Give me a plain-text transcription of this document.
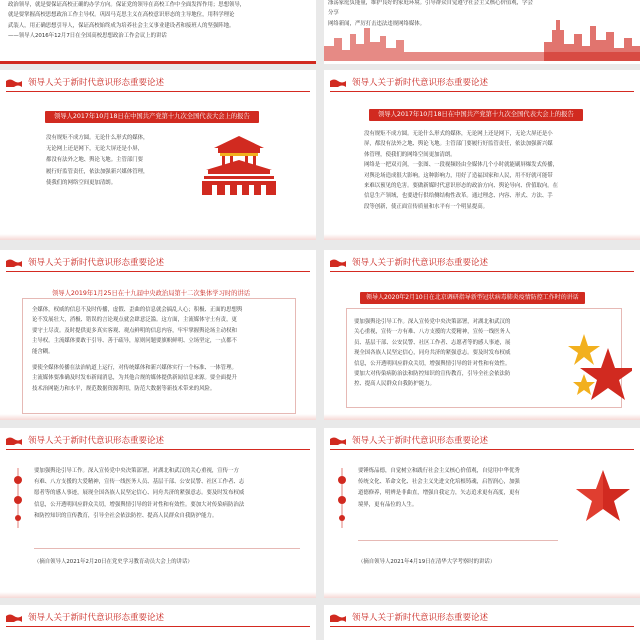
政治领导，就是要保证高校正确的办学方向。保证党的领导在高校工作中全面发挥作用；思想领导，
就是要掌握高校思想政治工作主导权。巩固马克思主义在高校意识形态的主导地位，用科学理论
武装人，用正确思想引导人，保证高校始终成为培养社会主义事业建设者和接班人的坚强阵地。
——领导人2016年12月7日在全国高校思想政治工作会议上的讲话
涤荡家庭负能量，维护良好的家庭环境。引导群众自觉遵守社会主义核心价值观，学会分享
网络新闻，严厉打击违法违规网络媒体。
领导人关于新时代意识形态重要论述
领导人2017年10月18日在中国共产党第十九次全国代表大会上的报告
没有规矩不成方圆。无论什么形式的媒体，
无论网上还是网下，无论大屏还是小屏，
都没有法外之地、舆论飞地。主管部门要
履行好监管责任，依法加强新兴媒体管理，
使我们的网络空间更加清朗。
领导人关于新时代意识形态重要论述
领导人2017年10月18日在中国共产党第十九次全国代表大会上的报告
没有规矩不成方圆。无论什么形式的媒体，无论网上还是网下，无论大屏还是小
屏，都没有法外之地、舆论飞地。主管部门要履行好监管责任，依法加强新兴媒
体管理，使我们的网络空间更加清朗。
网络是一把双刃剑，一张图、一段视频经由全媒体几个小时就能刷屏爆发式传播，
对舆论场造成很大影响。这种影响力，用好了造福国家和人民，用不好就可能带
来难以预见的危害。要做新媒时代意识形态的政治方向、舆论导向、价值取向。在
信息生产领域，也要进行供给侧结构性改革。通过理念、内容、形式、方法、手
段等创新，使正面宣传质量和水平有一个明显提高。
领导人关于新时代意识形态重要论述
领导人2019年1月25日在十九届中央政治局第十二次集体学习时的讲话
全媒体，权威的信息不及时传播，虚假、歪曲的信息就会搞乱人心；积极、正面的思想舆
论不发展壮大，消极、错误的言论观点就会肆意泛滥。这方面，主流媒体守土有责，更
要守土尽责。及时提供更多真实客观、观点鲜明的信息内容，牢牢掌握舆论场主动权和
主导权。主流媒体要敢于引导、善于疏导，原则问题要旗帜鲜明、立场坚定，一点都不
能含糊。
要使全媒体传播在法治轨道上运行，对传统媒体和新兴媒体实行一个标准、一体管理。
主流媒体要准确及时发布新闻消息，为其他合规的媒体提供新闻信息来源。要全面提升
技术治网能力和水平，规范数据资源利用，防范大数据等新技术带来的风险。
领导人关于新时代意识形态重要论述
领导人2020年2月10日在北京调研指导新型冠状病毒肺炎疫情防控工作时的讲话
要加强舆论引导工作。深入宣传党中央决策部署，对湖北和武汉的
关心重视，宣传一方有难、八方支援的大爱精神，宣传一线医务人
员、基层干部、公安民警、社区工作者、志愿者等的感人事迹，展
现全国各族人民坚定信心，同舟共济的紧强意志。要及时发布权威
信息，公开透明回应群众关切，增强舆情引导的针对性和有效性。
要加大对传染病防治法和防控知识的宣传教育，引导全社会依法防
控、提高人民群众自我防护能力。
领导人关于新时代意识形态重要论述
要加强舆论引导工作。深入宣传党中央决策部署，对湖北和武汉的关心重视，宣传一方
有难、八方支援的大爱精神，宣传一线医务人员、基层干部、公安民警、社区工作者、志
愿者等的感人事迹，展现全国各族人民坚定信心、同舟共济的紧强意志。要及时发布权威
信息，公开透明回应群众关切，增强舆情引导的针对性和有效性。要加大对传染病防治法
和防控知识的宣传教育，引导全社会依法防控、提高人民群众自我防护能力。
（摘自领导人2021年2月20日在党史学习教育动员大会上的讲话）
领导人关于新时代意识形态重要论述
要锤炼品德，自觉树立和践行社会主义核心价值观，自觉用中华优秀
传统文化、革命文化、社会主义先进文化培根铸魂，启智润心，加强
道德修养，明辨是非曲直，增强自我定力，矢志追求更有高度，更有
境界，更有品位的人生。
（摘自领导人2021年4月19日在清华大学考察时的讲话）
领导人关于新时代意识形态重要论述	领导人关于新时代意识形态重要论述
